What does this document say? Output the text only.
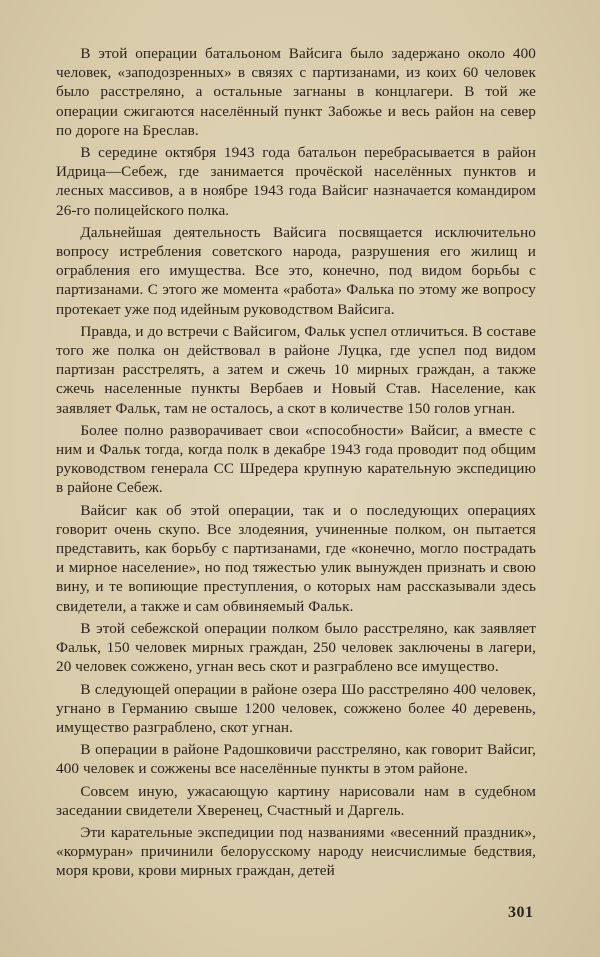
В этой операции батальоном Вайсига было задержано около 400 человек, «заподозренных» в связях с партизанами, из коих 60 человек было расстреляно, а остальные загнаны в концлагери. В той же операции сжигаются населённый пункт Забожье и весь район на север по дороге на Бреслав.

В середине октября 1943 года батальон перебрасывается в район Идрица—Себеж, где занимается прочёской населённых пунктов и лесных массивов, а в ноябре 1943 года Вайсиг назначается командиром 26-го полицейского полка.

Дальнейшая деятельность Вайсига посвящается исключительно вопросу истребления советского народа, разрушения его жилищ и ограбления его имущества. Все это, конечно, под видом борьбы с партизанами. С этого же момента «работа» Фалька по этому же вопросу протекает уже под идейным руководством Вайсига.

Правда, и до встречи с Вайсигом, Фальк успел отличиться. В составе того же полка он действовал в районе Луцка, где успел под видом партизан расстрелять, а затем и сжечь 10 мирных граждан, а также сжечь населенные пункты Вербаев и Новый Став. Население, как заявляет Фальк, там не осталось, а скот в количестве 150 голов угнан.

Более полно разворачивает свои «способности» Вайсиг, а вместе с ним и Фальк тогда, когда полк в декабре 1943 года проводит под общим руководством генерала СС Шредера крупную карательную экспедицию в районе Себеж.

Вайсиг как об этой операции, так и о последующих операциях говорит очень скупо. Все злодеяния, учиненные полком, он пытается представить, как борьбу с партизанами, где «конечно, могло пострадать и мирное население», но под тяжестью улик вынужден признать и свою вину, и те вопиющие преступления, о которых нам рассказывали здесь свидетели, а также и сам обвиняемый Фальк.

В этой себежской операции полком было расстреляно, как заявляет Фальк, 150 человек мирных граждан, 250 человек заключены в лагери, 20 человек сожжено, угнан весь скот и разграблено все имущество.

В следующей операции в районе озера Шо расстреляно 400 человек, угнано в Германию свыше 1200 человек, сожжено более 40 деревень, имущество разграблено, скот угнан.

В операции в районе Радошковичи расстреляно, как говорит Вайсиг, 400 человек и сожжены все населённые пункты в этом районе.

Совсем иную, ужасающую картину нарисовали нам в судебном заседании свидетели Хверенец, Счастный и Даргель.

Эти карательные экспедиции под названиями «весенний праздник», «кормуран» причинили белорусскому народу неисчислимые бедствия, моря крови, крови мирных граждан, детей

301
